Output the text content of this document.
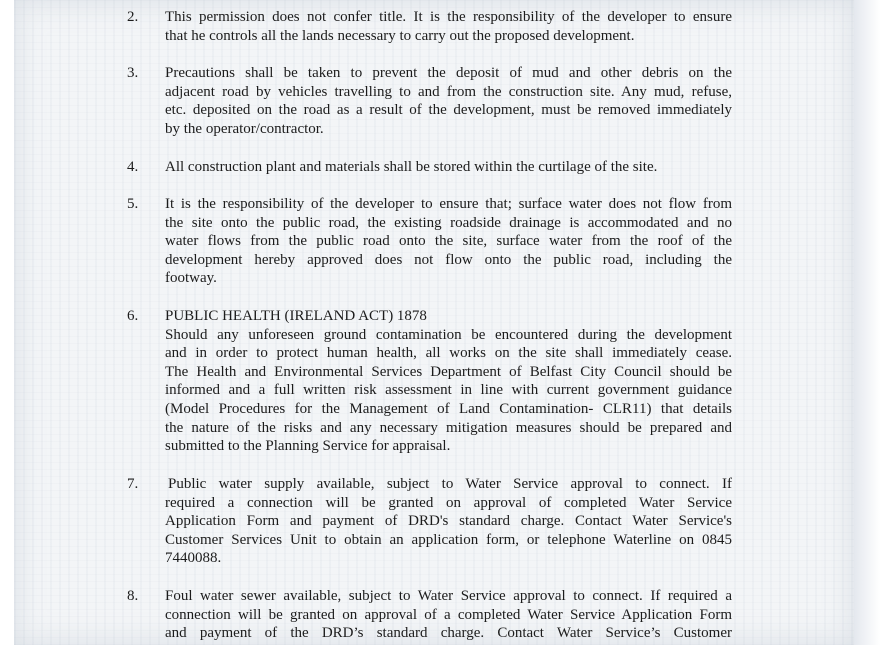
2. This permission does not confer title. It is the responsibility of the developer to ensure
that he controls all the lands necessary to carry out the proposed development.
3. Precautions shall be taken to prevent the deposit of mud and other debris on the
adjacent road by vehicles travelling to and from the construction site. Any mud, refuse,
etc. deposited on the road as a result of the development, must be removed immediately
by the operator/contractor.
4. All construction plant and materials shall be stored within the curtilage of the site.
5. It is the responsibility of the developer to ensure that; surface water does not flow from
the site onto the public road, the existing roadside drainage is accommodated and no
water flows from the public road onto the site, surface water from the roof of the
development hereby approved does not flow onto the public road, including the
footway.
6. PUBLIC HEALTH (IRELAND ACT) 1878
Should any unforeseen ground contamination be encountered during the development
and in order to protect human health, all works on the site shall immediately cease.
The Health and Environmental Services Department of Belfast City Council should be
informed and a full written risk assessment in line with current government guidance
(Model Procedures for the Management of Land Contamination- CLR11) that details
the nature of the risks and any necessary mitigation measures should be prepared and
submitted to the Planning Service for appraisal.
7. Public water supply available, subject to Water Service approval to connect. If
required a connection will be granted on approval of completed Water Service
Application Form and payment of DRD's standard charge. Contact Water Service's
Customer Services Unit to obtain an application form, or telephone Waterline on 0845
7440088.
8. Foul water sewer available, subject to Water Service approval to connect. If required a
connection will be granted on approval of a completed Water Service Application Form
and payment of the DRD’s standard charge. Contact Water Service’s Customer
